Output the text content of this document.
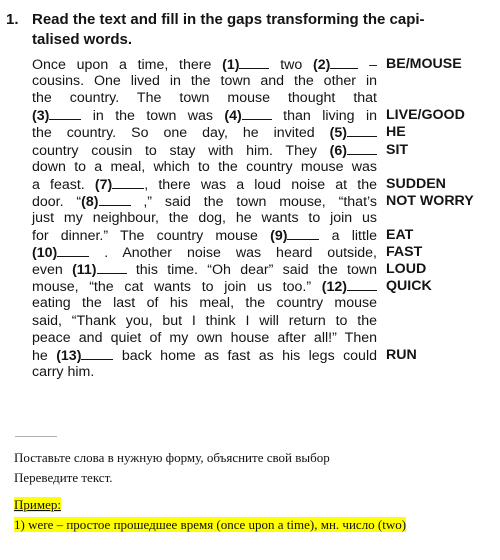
1. Read the text and fill in the gaps transforming the capi-
talised words.
Once upon a time, there (1) two (2) –
cousins. One lived in the town and the other in
the country. The town mouse thought that
(3) in the town was (4) than living in
the country. So one day, he invited (5)
country cousin to stay with him. They (6)
down to a meal, which to the country mouse was
a feast. (7) , there was a loud noise at the
door. “(8) ,” said the town mouse, “that’s
just my neighbour, the dog, he wants to join us
for dinner.” The country mouse (9) a little
(10) . Another noise was heard outside,
even (11) this time. “Oh dear” said the town
mouse, “the cat wants to join us too.” (12)
eating the last of his meal, the country mouse
said, “Thank you, but I think I will return to the
peace and quiet of my own house after all!” Then
he (13) back home as fast as his legs could
carry him.
BE/MOUSE
LIVE/GOOD
HE
SIT
SUDDEN
NOT WORRY
EAT
FAST
LOUD
QUICK
RUN
Поставьте слова в нужную форму, объясните свой выбор
Переведите текст.
Пример:
1) were – простое прошедшее время (once upon a time), мн. число (two)
